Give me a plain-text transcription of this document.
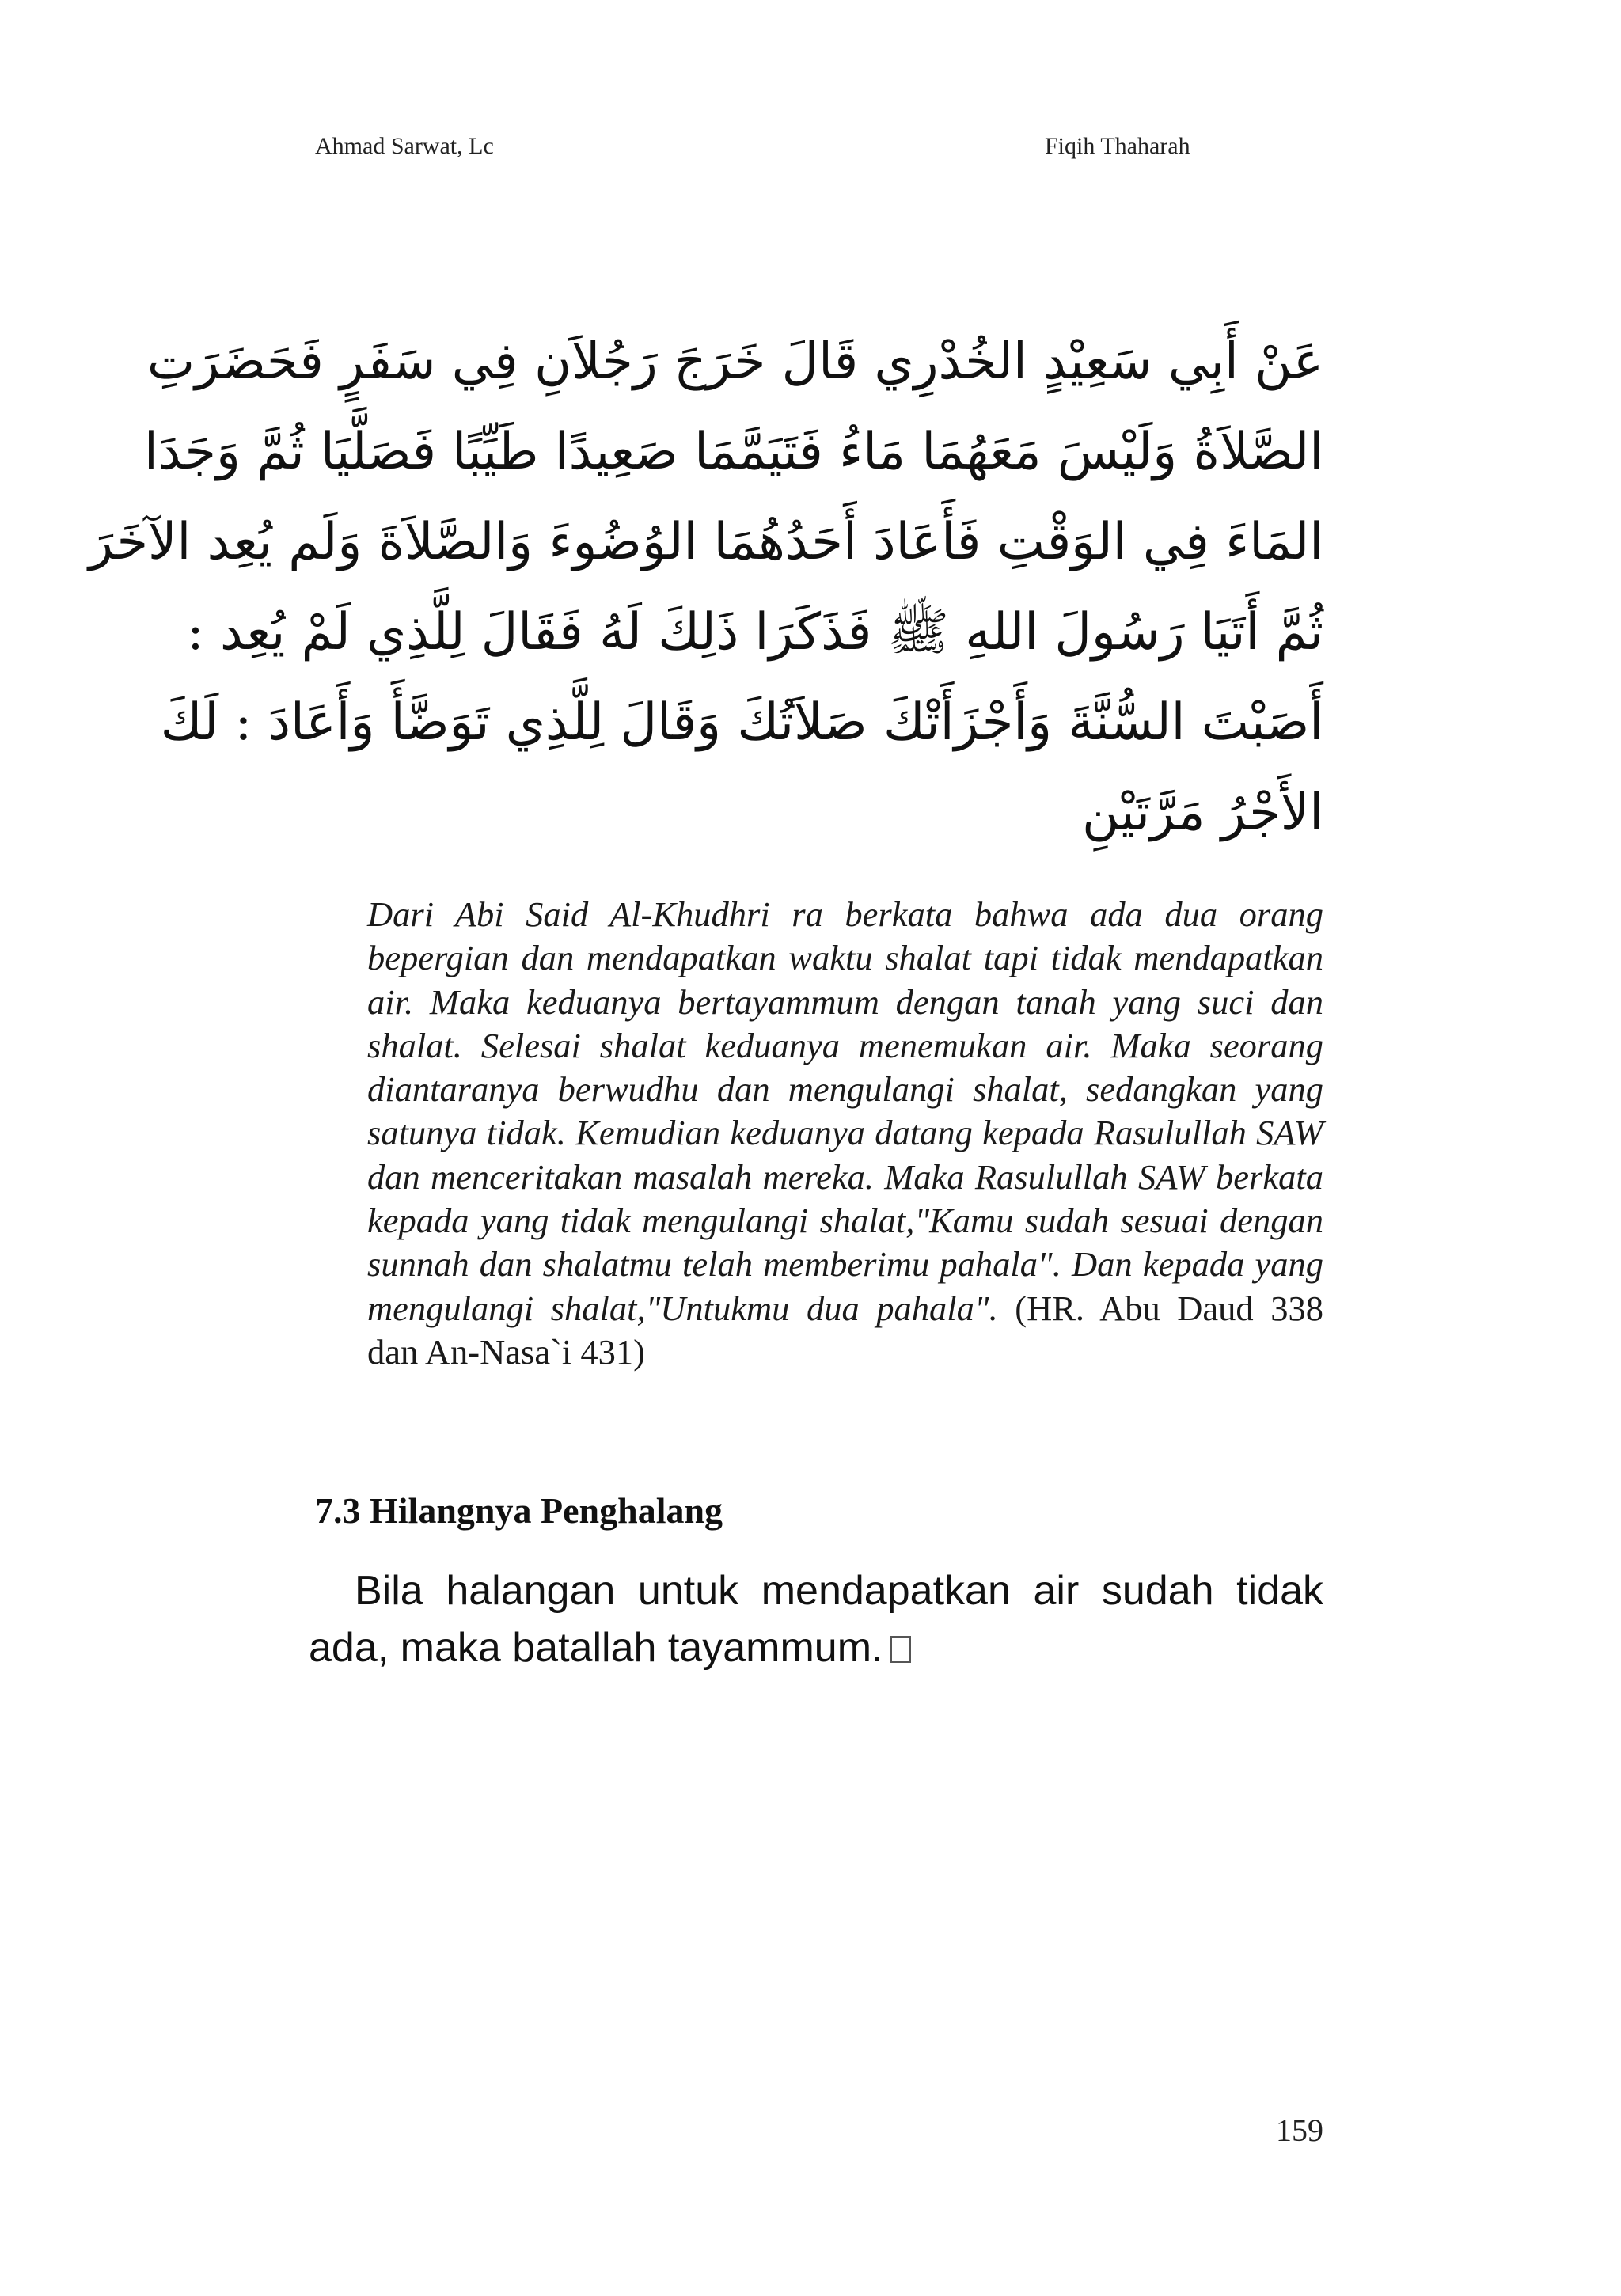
Ahmad Sarwat, Lc	Fiqih Thaharah
عَنْ أَبِي سَعِيْدٍ الخُدْرِي قَالَ خَرَجَ رَجُلاَنِ فِي سَفَرٍ فَحَضَرَتِ
الصَّلاَةُ وَلَيْسَ مَعَهُمَا مَاءُ فَتَيَمَّمَا صَعِيدًا طَيِّبًا فَصَلَّيَا ثُمَّ وَجَدَا
المَاءَ فِي الوَقْتِ فَأَعَادَ أَحَدُهُمَا الوُضُوءَ وَالصَّلاَةَ وَلَم يُعِد الآخَرَ
ثُمَّ أَتَيَا رَسُولَ اللهِ ﷺ فَذَكَرَا ذَلِكَ لَهُ فَقَالَ لِلَّذِي لَمْ يُعِد :
أَصَبْتَ السُّنَّةَ وَأَجْزَأَتْكَ صَلاَتُكَ وَقَالَ لِلَّذِي تَوَضَّأَ وَأَعَادَ : لَكَ
الأَجْرُ مَرَّتَيْنِ
Dari Abi Said Al-Khudhri ra berkata bahwa ada dua orang bepergian dan mendapatkan waktu shalat tapi tidak mendapatkan air. Maka keduanya bertayammum dengan tanah yang suci dan shalat. Selesai shalat keduanya menemukan air. Maka seorang diantaranya berwudhu dan mengulangi shalat, sedangkan yang satunya tidak. Kemudian keduanya datang kepada Rasulullah SAW dan menceritakan masalah mereka. Maka Rasulullah SAW berkata kepada yang tidak mengulangi shalat,"Kamu sudah sesuai dengan sunnah dan shalatmu telah memberimu pahala". Dan kepada yang mengulangi shalat,"Untukmu dua pahala". (HR. Abu Daud 338 dan An-Nasa`i 431)
7.3 Hilangnya Penghalang
Bila halangan untuk mendapatkan air sudah tidak ada, maka batallah tayammum.
159
